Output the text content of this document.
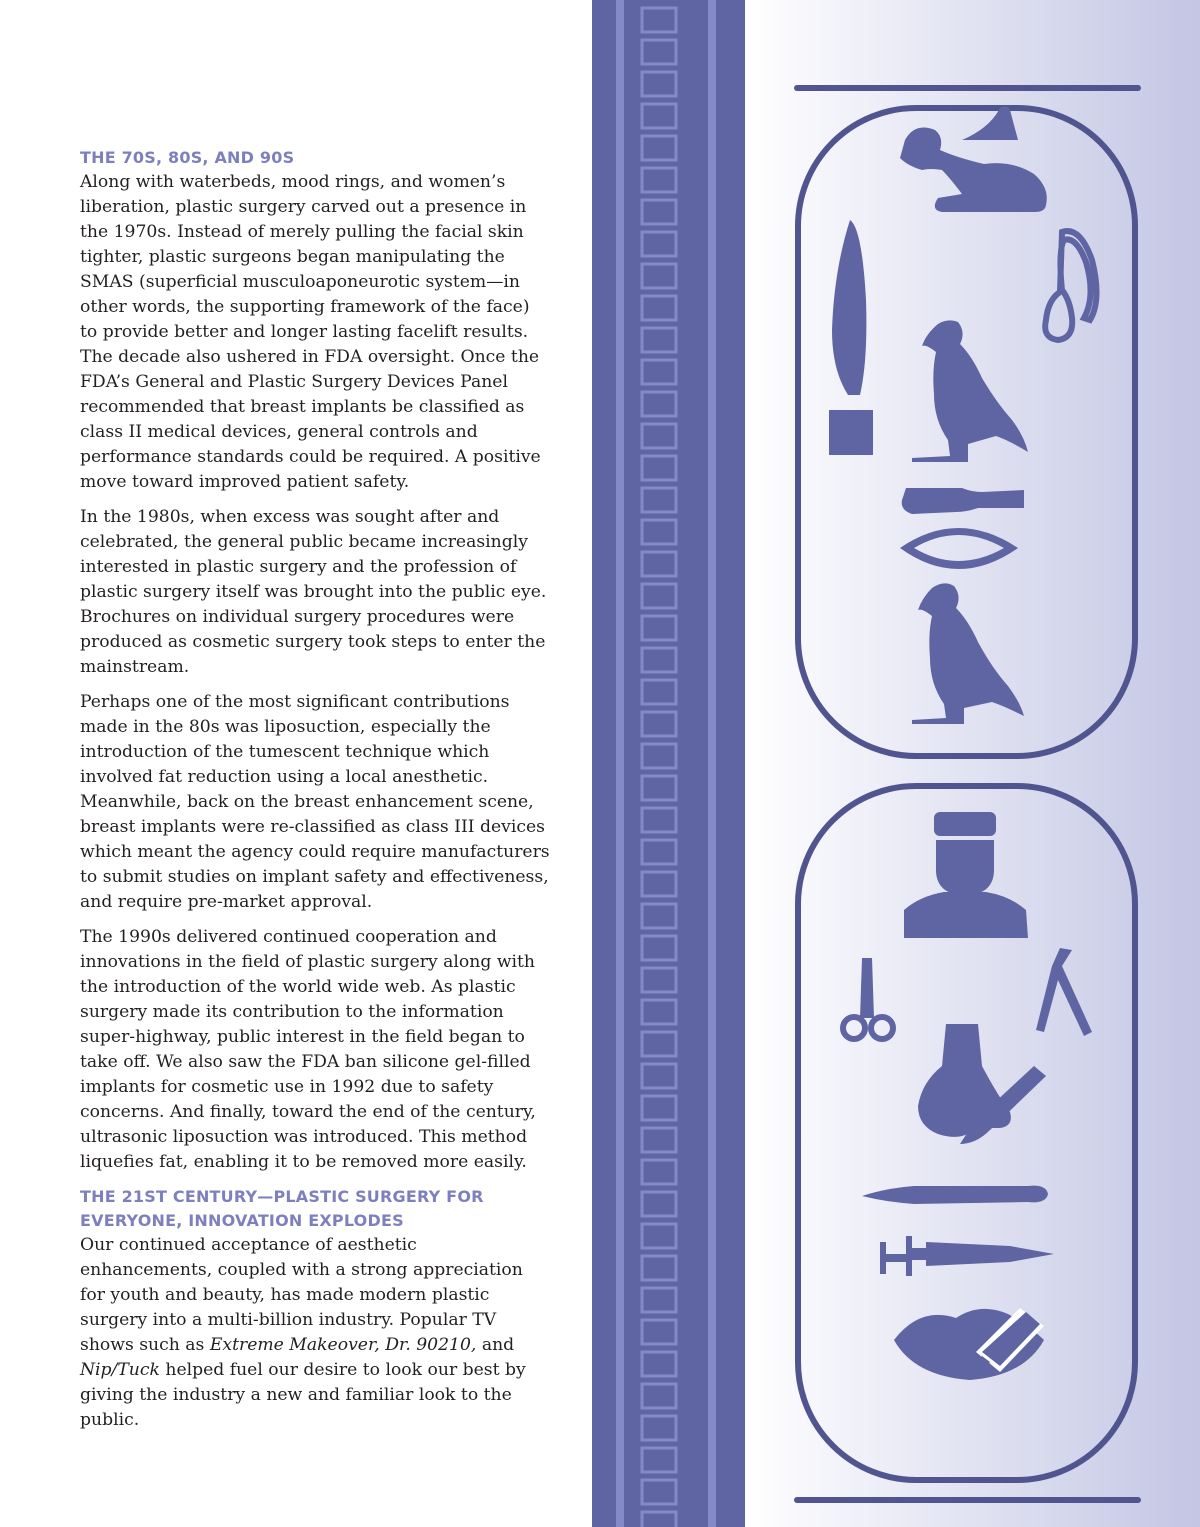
THE 70S, 80S, AND 90S

Along with waterbeds, mood rings, and women’s liberation, plastic surgery carved out a presence in the 1970s. Instead of merely pulling the facial skin tighter, plastic surgeons began manipulating the SMAS (superficial musculoaponeurotic system—in other words, the supporting framework of the face) to provide better and longer lasting facelift results. The decade also ushered in FDA oversight. Once the FDA’s General and Plastic Surgery Devices Panel recommended that breast implants be classified as class II medical devices, general controls and performance standards could be required. A positive move toward improved patient safety.

In the 1980s, when excess was sought after and celebrated, the general public became increasingly interested in plastic surgery and the profession of plastic surgery itself was brought into the public eye. Brochures on individual surgery procedures were produced as cosmetic surgery took steps to enter the mainstream.

Perhaps one of the most significant contributions made in the 80s was liposuction, especially the introduction of the tumescent technique which involved fat reduction using a local anesthetic. Meanwhile, back on the breast enhancement scene, breast implants were re-classified as class III devices which meant the agency could require manufacturers to submit studies on implant safety and effectiveness, and require pre-market approval.

The 1990s delivered continued cooperation and innovations in the field of plastic surgery along with the introduction of the world wide web. As plastic surgery made its contribution to the information super-highway, public interest in the field began to take off. We also saw the FDA ban silicone gel-filled implants for cosmetic use in 1992 due to safety concerns. And finally, toward the end of the century, ultrasonic liposuction was introduced. This method liquefies fat, enabling it to be removed more easily.

THE 21ST CENTURY—PLASTIC SURGERY FOR EVERYONE, INNOVATION EXPLODES

Our continued acceptance of aesthetic enhancements, coupled with a strong appreciation for youth and beauty, has made modern plastic surgery into a multi-billion industry. Popular TV shows such as Extreme Makeover, Dr. 90210, and Nip/Tuck helped fuel our desire to look our best by giving the industry a new and familiar look to the public.
